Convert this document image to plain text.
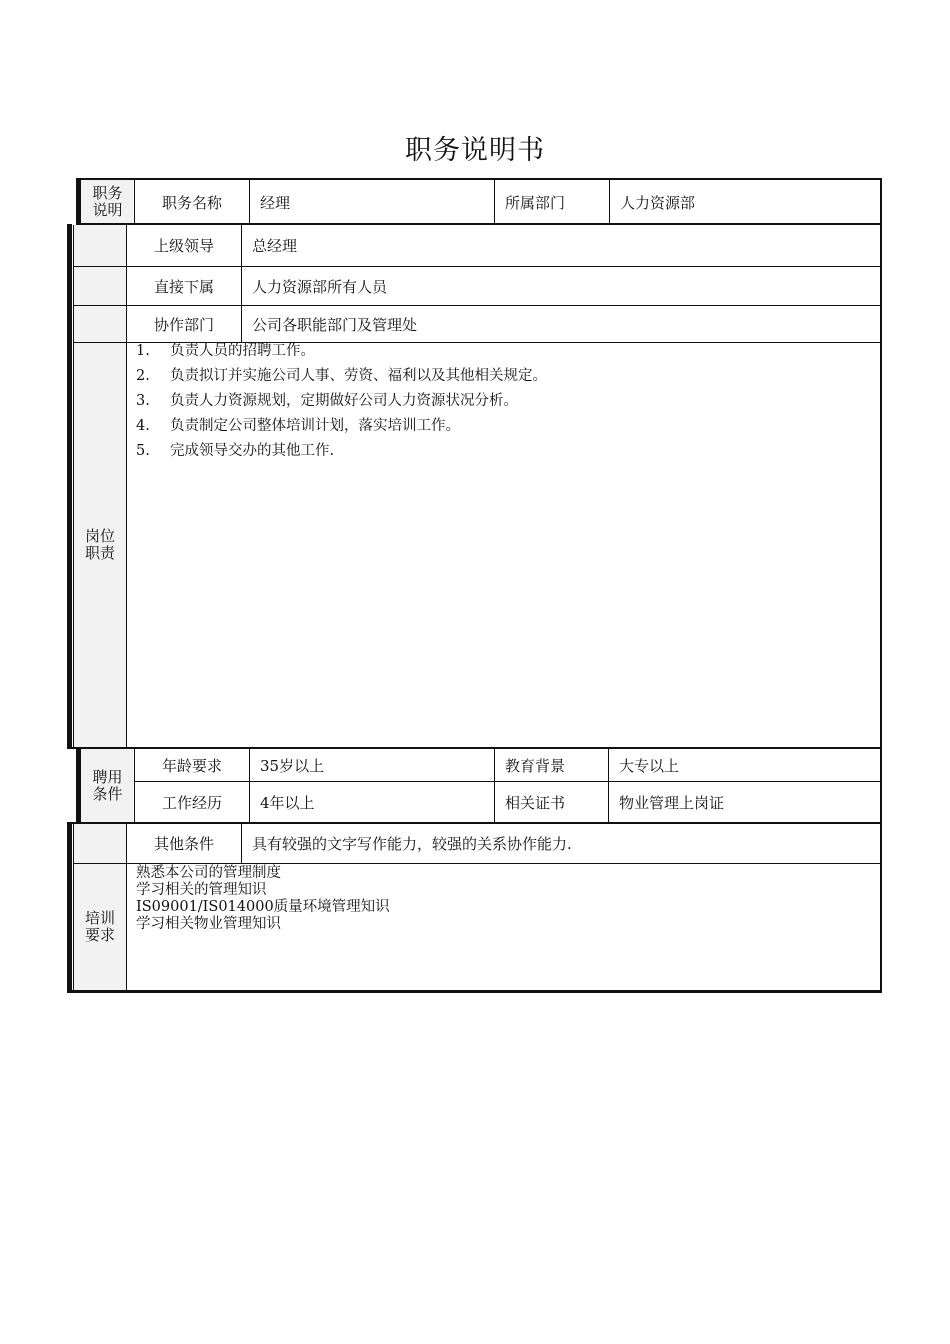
职务说明书
职务
说明	职务名称	经理	所属部门	人力资源部
上级领导	总经理
直接下属	人力资源部所有人员
协作部门	公司各职能部门及管理处
岗位
职责
1. 负责人员的招聘工作。
2. 负责拟订并实施公司人事、劳资、福利以及其他相关规定。
3. 负责人力资源规划，定期做好公司人力资源状况分析。
4. 负责制定公司整体培训计划，落实培训工作。
5. 完成领导交办的其他工作.
聘用
条件
年龄要求	35岁以上	教育背景	大专以上
工作经历	4年以上	相关证书	物业管理上岗证
其他条件	具有较强的文字写作能力，较强的关系协作能力.
培训
要求
熟悉本公司的管理制度
学习相关的管理知识
IS09001/IS014000质量环境管理知识
学习相关物业管理知识
